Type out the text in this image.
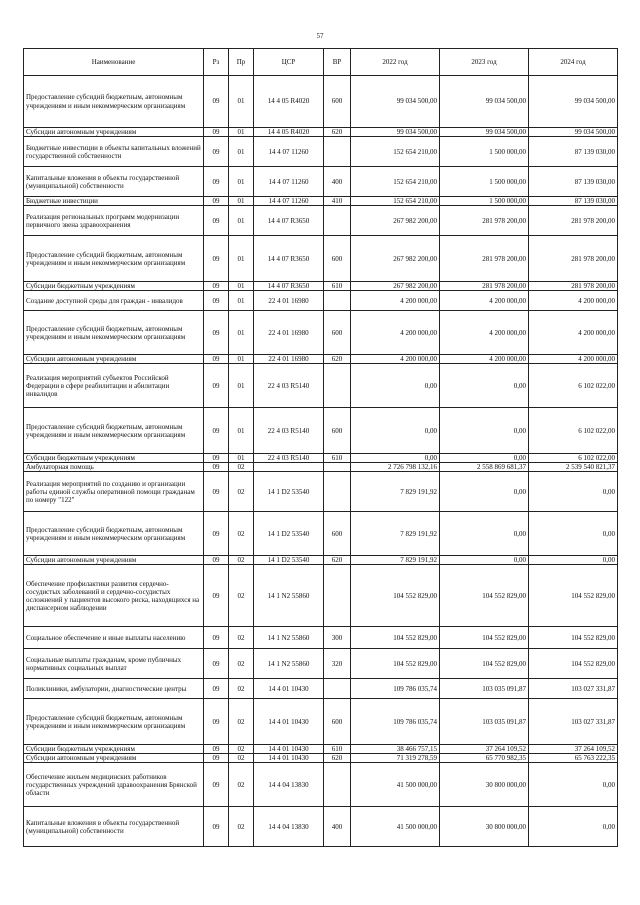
57
Наименование	Рз	Пр	ЦСР	ВР	2022 год	2023 год	2024 год
Предоставление субсидий бюджетным, автономным учреждениям и иным некоммерческим организациям	09	01	14 4 05 R4020	600	99 034 500,00	99 034 500,00	99 034 500,00
Субсидии автономным учреждениям	09	01	14 4 05 R4020	620	99 034 500,00	99 034 500,00	99 034 500,00
Бюджетные инвестиции в объекты капитальных вложений государственной собственности	09	01	14 4 07 11260		152 654 210,00	1 500 000,00	87 139 030,00
Капитальные вложения в объекты государственной (муниципальной) собственности	09	01	14 4 07 11260	400	152 654 210,00	1 500 000,00	87 139 030,00
Бюджетные инвестиции	09	01	14 4 07 11260	410	152 654 210,00	1 500 000,00	87 139 030,00
Реализация региональных программ модернизации первичного звена здравоохранения	09	01	14 4 07 R3650		267 982 200,00	281 978 200,00	281 978 200,00
Предоставление субсидий бюджетным, автономным учреждениям и иным некоммерческим организациям	09	01	14 4 07 R3650	600	267 982 200,00	281 978 200,00	281 978 200,00
Субсидии бюджетным учреждениям	09	01	14 4 07 R3650	610	267 982 200,00	281 978 200,00	281 978 200,00
Создание доступной среды для граждан - инвалидов	09	01	22 4 01 16980		4 200 000,00	4 200 000,00	4 200 000,00
Предоставление субсидий бюджетным, автономным учреждениям и иным некоммерческим организациям	09	01	22 4 01 16980	600	4 200 000,00	4 200 000,00	4 200 000,00
Субсидии автономным учреждениям	09	01	22 4 01 16980	620	4 200 000,00	4 200 000,00	4 200 000,00
Реализация мероприятий субъектов Российской Федерации в сфере реабилитации и абилитации инвалидов	09	01	22 4 03 R5140		0,00	0,00	6 102 022,00
Предоставление субсидий бюджетным, автономным учреждениям и иным некоммерческим организациям	09	01	22 4 03 R5140	600	0,00	0,00	6 102 022,00
Субсидии бюджетным учреждениям	09	01	22 4 03 R5140	610	0,00	0,00	6 102 022,00
Амбулаторная помощь	09	02			2 726 798 132,16	2 558 869 681,37	2 539 540 821,37
Реализация мероприятий по созданию и организации работы единой службы оперативной помощи гражданам по номеру "122"	09	02	14 1 D2 53540		7 829 191,92	0,00	0,00
Предоставление субсидий бюджетным, автономным учреждениям и иным некоммерческим организациям	09	02	14 1 D2 53540	600	7 829 191,92	0,00	0,00
Субсидии автономным учреждениям	09	02	14 1 D2 53540	620	7 829 191,92	0,00	0,00
Обеспечение профилактики развития сердечно-сосудистых заболеваний и сердечно-сосудистых осложнений у пациентов высокого риска, находящихся на диспансерном наблюдении	09	02	14 1 N2 55860		104 552 829,00	104 552 829,00	104 552 829,00
Социальное обеспечение и иные выплаты населению	09	02	14 1 N2 55860	300	104 552 829,00	104 552 829,00	104 552 829,00
Социальные выплаты гражданам, кроме публичных нормативных социальных выплат	09	02	14 1 N2 55860	320	104 552 829,00	104 552 829,00	104 552 829,00
Поликлиники, амбулатории, диагностические центры	09	02	14 4 01 10430		109 786 035,74	103 035 091,87	103 027 331,87
Предоставление субсидий бюджетным, автономным учреждениям и иным некоммерческим организациям	09	02	14 4 01 10430	600	109 786 035,74	103 035 091,87	103 027 331,87
Субсидии бюджетным учреждениям	09	02	14 4 01 10430	610	38 466 757,15	37 264 109,52	37 264 109,52
Субсидии автономным учреждениям	09	02	14 4 01 10430	620	71 319 278,59	65 770 982,35	65 763 222,35
Обеспечение жильем медицинских работников государственных учреждений здравоохранения Брянской области	09	02	14 4 04 13830		41 500 000,00	30 800 000,00	0,00
Капитальные вложения в объекты государственной (муниципальной) собственности	09	02	14 4 04 13830	400	41 500 000,00	30 800 000,00	0,00
